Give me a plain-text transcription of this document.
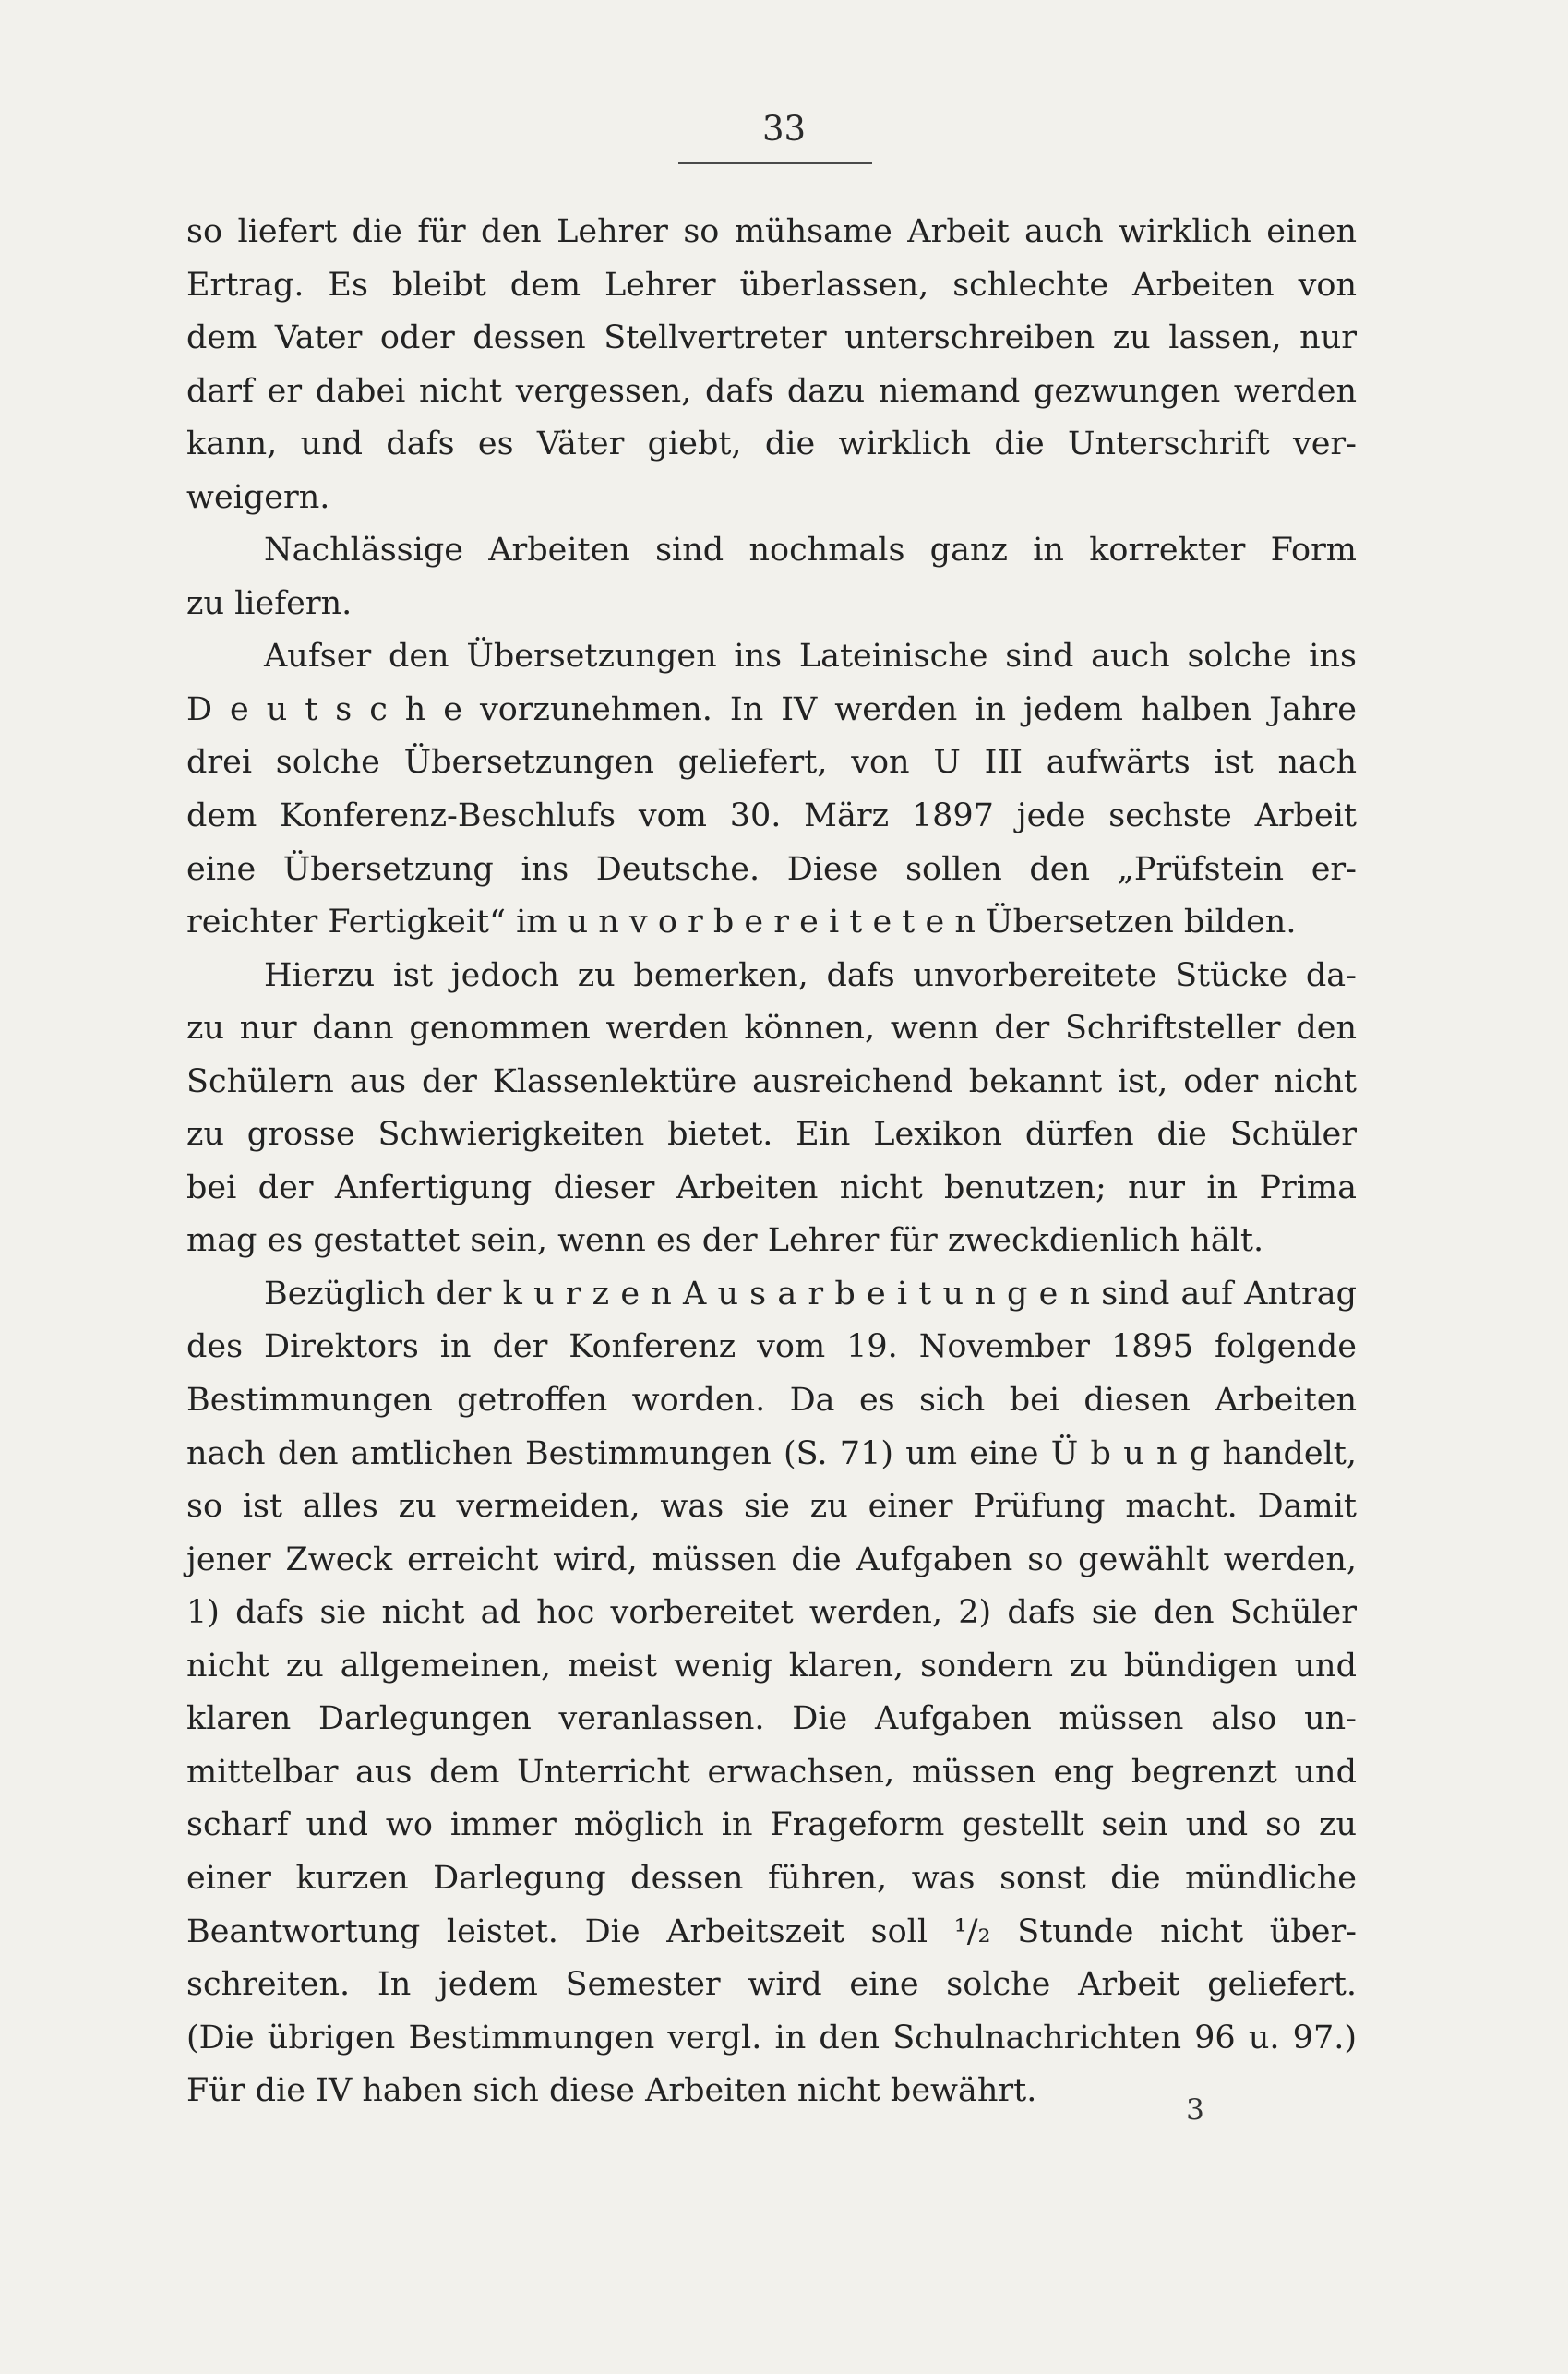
33
so liefert die für den Lehrer so mühsame Arbeit auch wirklich einen
Ertrag. Es bleibt dem Lehrer überlassen, schlechte Arbeiten von
dem Vater oder dessen Stellvertreter unterschreiben zu lassen, nur
darf er dabei nicht vergessen, dafs dazu niemand gezwungen werden
kann, und dafs es Väter giebt, die wirklich die Unterschrift ver-
weigern.
Nachlässige Arbeiten sind nochmals ganz in korrekter Form
zu liefern.
Aufser den Übersetzungen ins Lateinische sind auch solche ins
D e u t s c h e vorzunehmen. In IV werden in jedem halben Jahre
drei solche Übersetzungen geliefert, von U III aufwärts ist nach
dem Konferenz-Beschlufs vom 30. März 1897 jede sechste Arbeit
eine Übersetzung ins Deutsche. Diese sollen den „Prüfstein er-
reichter Fertigkeit“ im u n v o r b e r e i t e t e n Übersetzen bilden.
Hierzu ist jedoch zu bemerken, dafs unvorbereitete Stücke da-
zu nur dann genommen werden können, wenn der Schriftsteller den
Schülern aus der Klassenlektüre ausreichend bekannt ist, oder nicht
zu grosse Schwierigkeiten bietet. Ein Lexikon dürfen die Schüler
bei der Anfertigung dieser Arbeiten nicht benutzen; nur in Prima
mag es gestattet sein, wenn es der Lehrer für zweckdienlich hält.
Bezüglich der k u r z e n A u s a r b e i t u n g e n sind auf Antrag
des Direktors in der Konferenz vom 19. November 1895 folgende
Bestimmungen getroffen worden. Da es sich bei diesen Arbeiten
nach den amtlichen Bestimmungen (S. 71) um eine Ü b u n g handelt,
so ist alles zu vermeiden, was sie zu einer Prüfung macht. Damit
jener Zweck erreicht wird, müssen die Aufgaben so gewählt werden,
1) dafs sie nicht ad hoc vorbereitet werden, 2) dafs sie den Schüler
nicht zu allgemeinen, meist wenig klaren, sondern zu bündigen und
klaren Darlegungen veranlassen. Die Aufgaben müssen also un-
mittelbar aus dem Unterricht erwachsen, müssen eng begrenzt und
scharf und wo immer möglich in Frageform gestellt sein und so zu
einer kurzen Darlegung dessen führen, was sonst die mündliche
Beantwortung leistet. Die Arbeitszeit soll ¹/₂ Stunde nicht über-
schreiten. In jedem Semester wird eine solche Arbeit geliefert.
(Die übrigen Bestimmungen vergl. in den Schulnachrichten 96 u. 97.)
Für die IV haben sich diese Arbeiten nicht bewährt.
3
